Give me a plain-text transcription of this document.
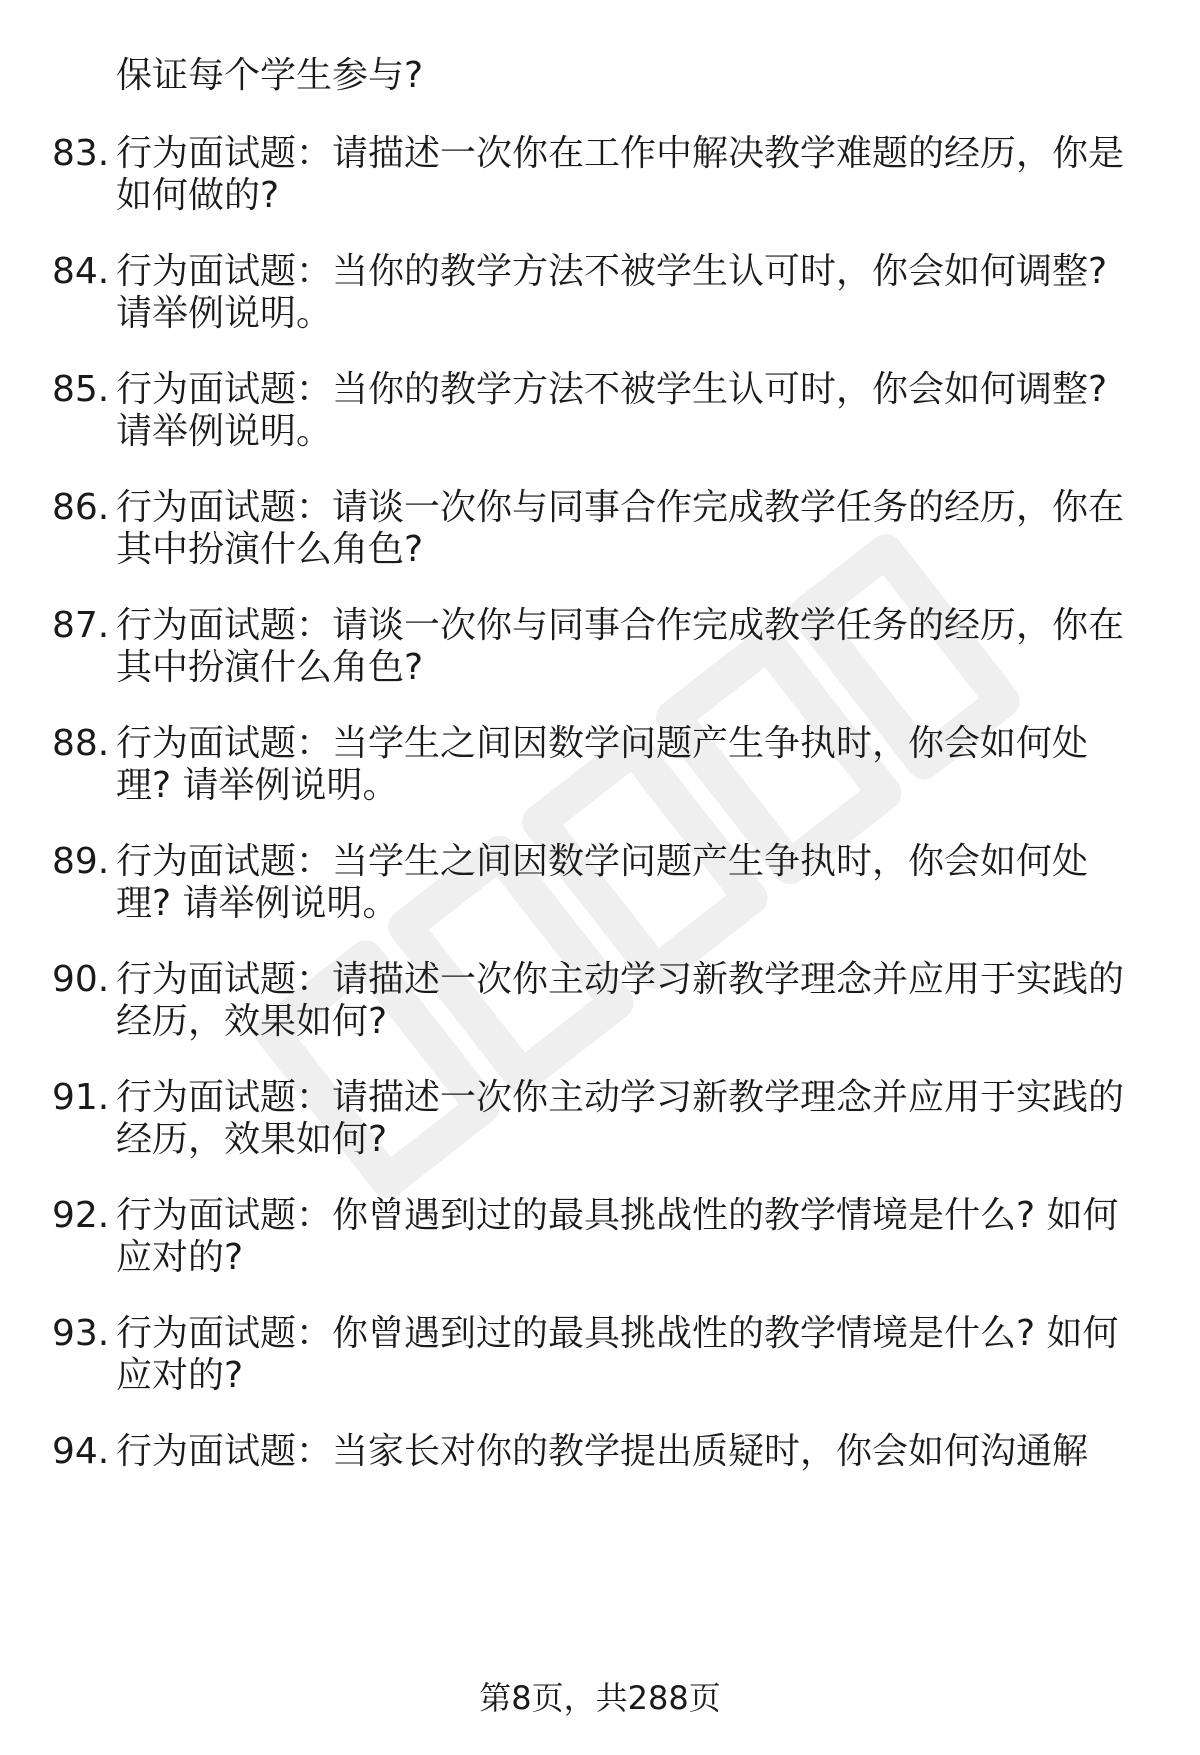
保证每个学生参与?
83. 行为面试题：请描述一次你在工作中解决教学难题的经历，你是
如何做的?
84. 行为面试题：当你的教学方法不被学生认可时，你会如何调整?
请举例说明。
85. 行为面试题：当你的教学方法不被学生认可时，你会如何调整?
请举例说明。
86. 行为面试题：请谈一次你与同事合作完成教学任务的经历，你在
其中扮演什么角色?
87. 行为面试题：请谈一次你与同事合作完成教学任务的经历，你在
其中扮演什么角色?
88. 行为面试题：当学生之间因数学问题产生争执时，你会如何处
理? 请举例说明。
89. 行为面试题：当学生之间因数学问题产生争执时，你会如何处
理? 请举例说明。
90. 行为面试题：请描述一次你主动学习新教学理念并应用于实践的
经历，效果如何?
91. 行为面试题：请描述一次你主动学习新教学理念并应用于实践的
经历，效果如何?
92. 行为面试题：你曾遇到过的最具挑战性的教学情境是什么? 如何
应对的?
93. 行为面试题：你曾遇到过的最具挑战性的教学情境是什么? 如何
应对的?
94. 行为面试题：当家长对你的教学提出质疑时，你会如何沟通解
第8页，共288页
